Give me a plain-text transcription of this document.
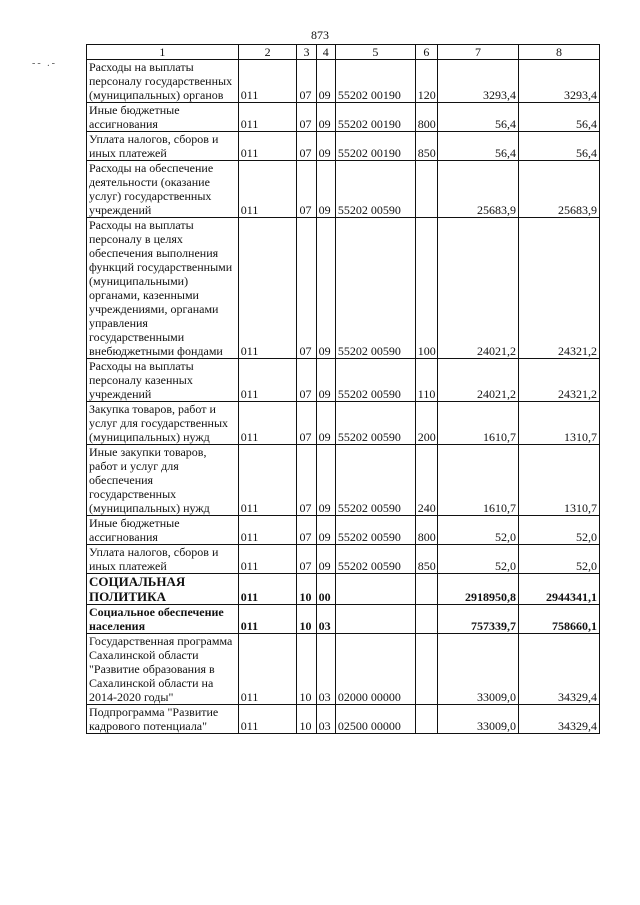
873
-- .-
1	2	3	4	5	6	7	8
Расходы на выплаты персоналу государственных (муниципальных) органов	011	07	09	55202 00190	120	3293,4	3293,4
Иные бюджетные ассигнования	011	07	09	55202 00190	800	56,4	56,4
Уплата налогов, сборов и иных платежей	011	07	09	55202 00190	850	56,4	56,4
Расходы на обеспечение деятельности (оказание услуг) государственных учреждений	011	07	09	55202 00590		25683,9	25683,9
Расходы на выплаты персоналу в целях обеспечения выполнения функций государственными (муниципальными) органами, казенными учреждениями, органами управления государственными внебюджетными фондами	011	07	09	55202 00590	100	24021,2	24321,2
Расходы на выплаты персоналу казенных учреждений	011	07	09	55202 00590	110	24021,2	24321,2
Закупка товаров, работ и услуг для государственных (муниципальных) нужд	011	07	09	55202 00590	200	1610,7	1310,7
Иные закупки товаров, работ и услуг для обеспечения государственных (муниципальных) нужд	011	07	09	55202 00590	240	1610,7	1310,7
Иные бюджетные ассигнования	011	07	09	55202 00590	800	52,0	52,0
Уплата налогов, сборов и иных платежей	011	07	09	55202 00590	850	52,0	52,0
СОЦИАЛЬНАЯ ПОЛИТИКА	011	10	00			2918950,8	2944341,1
Социальное обеспечение населения	011	10	03			757339,7	758660,1
Государственная программа Сахалинской области "Развитие образования в Сахалинской области на 2014-2020 годы"	011	10	03	02000 00000		33009,0	34329,4
Подпрограмма "Развитие кадрового потенциала"	011	10	03	02500 00000		33009,0	34329,4
